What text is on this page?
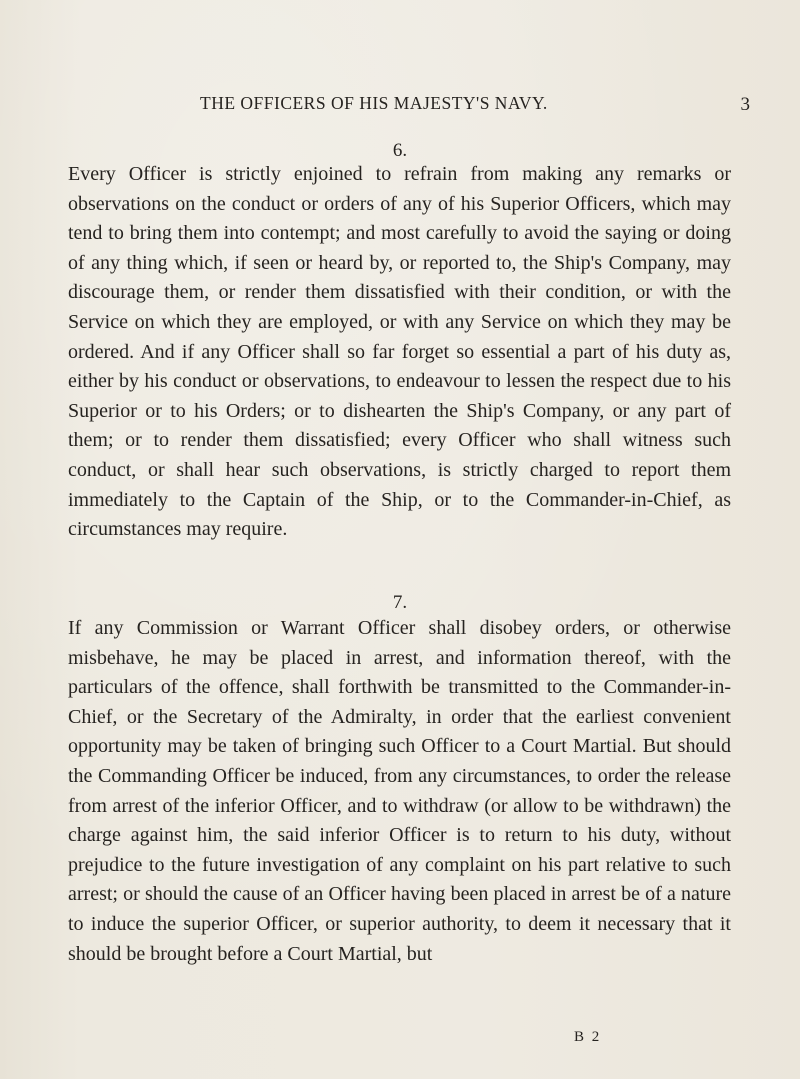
THE OFFICERS OF HIS MAJESTY'S NAVY.	3
6.

Every Officer is strictly enjoined to refrain from making any remarks or observations on the conduct or orders of any of his Superior Officers, which may tend to bring them into contempt; and most carefully to avoid the saying or doing of any thing which, if seen or heard by, or reported to, the Ship's Company, may discourage them, or render them dissatisfied with their condition, or with the Service on which they are employed, or with any Service on which they may be ordered. And if any Officer shall so far forget so essential a part of his duty as, either by his conduct or observations, to endeavour to lessen the respect due to his Superior or to his Orders; or to dishearten the Ship's Company, or any part of them; or to render them dissatisfied; every Officer who shall witness such conduct, or shall hear such observations, is strictly charged to report them immediately to the Captain of the Ship, or to the Commander-in-Chief, as circumstances may require.

7.

If any Commission or Warrant Officer shall disobey orders, or otherwise misbehave, he may be placed in arrest, and information thereof, with the particulars of the offence, shall forthwith be transmitted to the Commander-in-Chief, or the Secretary of the Admiralty, in order that the earliest convenient opportunity may be taken of bringing such Officer to a Court Martial. But should the Commanding Officer be induced, from any circumstances, to order the release from arrest of the inferior Officer, and to withdraw (or allow to be withdrawn) the charge against him, the said inferior Officer is to return to his duty, without prejudice to the future investigation of any complaint on his part relative to such arrest; or should the cause of an Officer having been placed in arrest be of a nature to induce the superior Officer, or superior authority, to deem it necessary that it should be brought before a Court Martial, but

B 2
